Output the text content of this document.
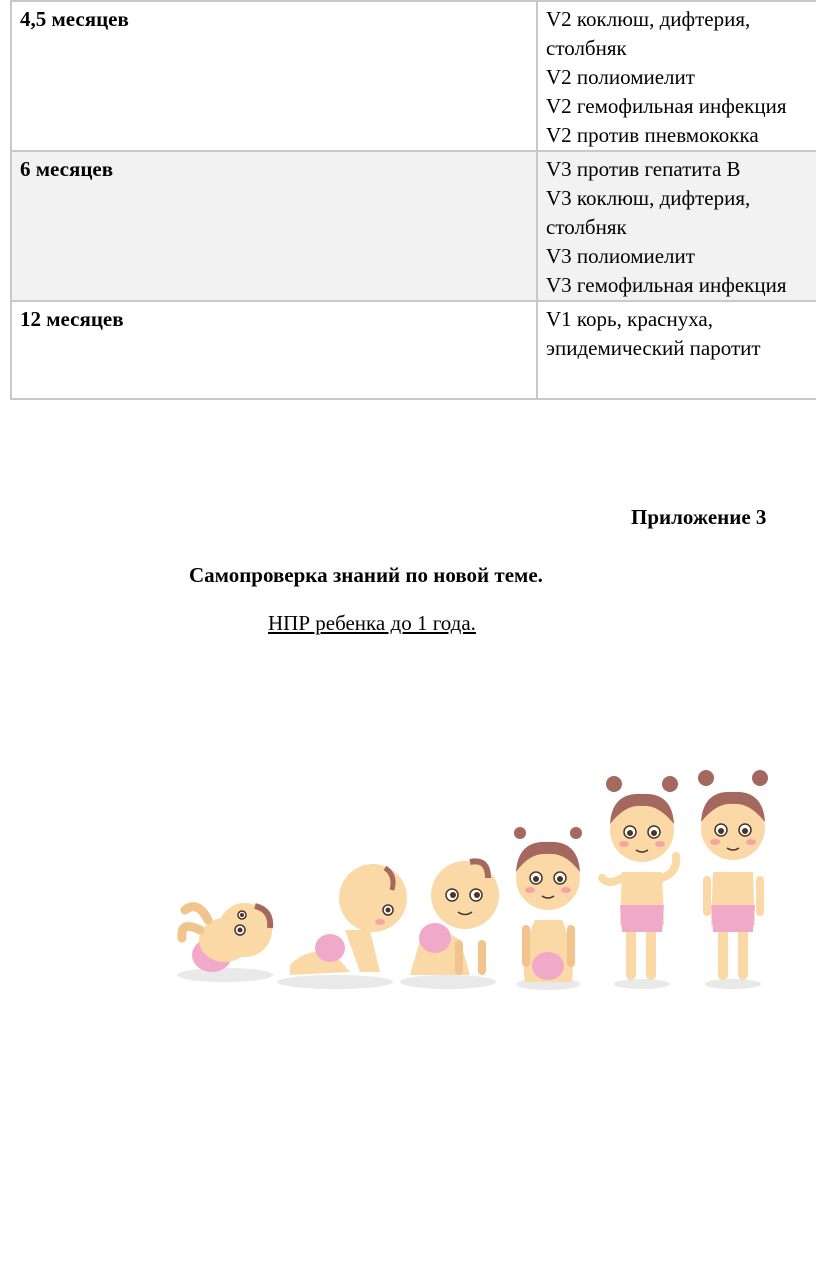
4,5 месяцев	V2 коклюш, дифтерия,
столбняк
V2 полиомиелит
V2 гемофильная инфекция
V2 против пневмококка

6 месяцев	V3 против гепатита В
V3 коклюш, дифтерия,
столбняк
V3 полиомиелит
V3 гемофильная инфекция

12 месяцев	V1 корь, краснуха,
эпидемический паротит
Приложение 3
Самопроверка знаний по новой теме.
НПР ребенка до 1 года.
